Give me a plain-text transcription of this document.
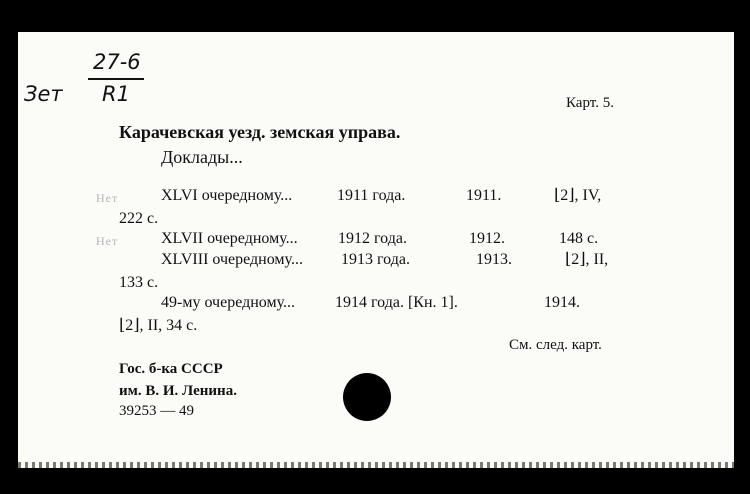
Зет
27-6
R1	Карт. 5.
Карачевская уезд. земская управа.
Доклады...
Нет	XLVI очередному...	1911 года.	1911.	⌊2⌋, IV,
222 с.
Нет	XLVII очередному...	1912 года.	1912.	148 с.
XLVIII очередному... 1913 года.	1913.	⌊2⌋, II,
133 с.
49-му очередному...	1914 года. [Кн. 1].	1914.
⌊2⌋, II, 34 с.
См. след. карт.
Гос. б-ка СССР
им. В. И. Ленина.
39253 — 49
